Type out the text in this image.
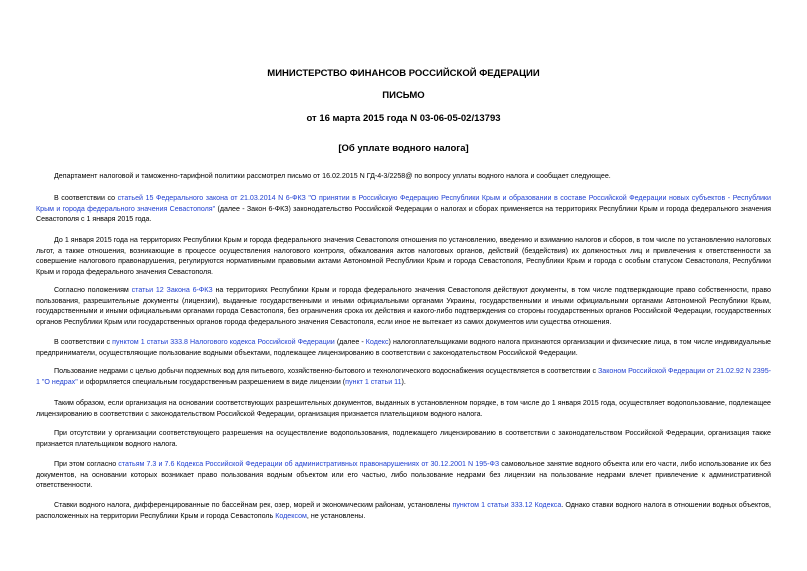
МИНИСТЕРСТВО ФИНАНСОВ РОССИЙСКОЙ ФЕДЕРАЦИИ
ПИСЬМО
от 16 марта 2015 года N 03-06-05-02/13793
[Об уплате водного налога]

Департамент налоговой и таможенно-тарифной политики рассмотрел письмо от 16.02.2015 N ГД-4-3/2258@ по вопросу уплаты водного налога и сообщает следующее.

В соответствии со статьей 15 Федерального закона от 21.03.2014 N 6-ФКЗ "О принятии в Российскую Федерацию Республики Крым и образовании в составе Российской Федерации новых субъектов - Республики Крым и города федерального значения Севастополя" (далее - Закон 6-ФКЗ) законодательство Российской Федерации о налогах и сборах применяется на территориях Республики Крым и города федерального значения Севастополя с 1 января 2015 года.

До 1 января 2015 года на территориях Республики Крым и города федерального значения Севастополя отношения по установлению, введению и взиманию налогов и сборов, в том числе по установлению налоговых льгот, а также отношения, возникающие в процессе осуществления налогового контроля, обжалования актов налоговых органов, действий (бездействия) их должностных лиц и привлечения к ответственности за совершение налогового правонарушения, регулируются нормативными правовыми актами Автономной Республики Крым и города Севастополя, Республики Крым и города с особым статусом Севастополя, Республики Крым и города федерального значения Севастополя.

Согласно положениям статьи 12 Закона 6-ФКЗ на территориях Республики Крым и города федерального значения Севастополя действуют документы, в том числе подтверждающие право собственности, право пользования, разрешительные документы (лицензии), выданные государственными и иными официальными органами Украины, государственными и иными официальными органами Автономной Республики Крым, государственными и иными официальными органами города Севастополя, без ограничения срока их действия и какого-либо подтверждения со стороны государственных органов Российской Федерации, государственных органов Республики Крым или государственных органов города федерального значения Севастополя, если иное не вытекает из самих документов или существа отношения.

В соответствии с пунктом 1 статьи 333.8 Налогового кодекса Российской Федерации (далее - Кодекс) налогоплательщиками водного налога признаются организации и физические лица, в том числе индивидуальные предприниматели, осуществляющие пользование водными объектами, подлежащее лицензированию в соответствии с законодательством Российской Федерации.

Пользование недрами с целью добычи подземных вод для питьевого, хозяйственно-бытового и технологического водоснабжения осуществляется в соответствии с Законом Российской Федерации от 21.02.92 N 2395-1 "О недрах" и оформляется специальным государственным разрешением в виде лицензии (пункт 1 статьи 11).

Таким образом, если организация на основании соответствующих разрешительных документов, выданных в установленном порядке, в том числе до 1 января 2015 года, осуществляет водопользование, подлежащее лицензированию в соответствии с законодательством Российской Федерации, организация признается плательщиком водного налога.

При отсутствии у организации соответствующего разрешения на осуществление водопользования, подлежащего лицензированию в соответствии с законодательством Российской Федерации, организация также признается плательщиком водного налога.

При этом согласно статьям 7.3 и 7.6 Кодекса Российской Федерации об административных правонарушениях от 30.12.2001 N 195-ФЗ самовольное занятие водного объекта или его части, либо использование их без документов, на основании которых возникает право пользования водным объектом или его частью, либо пользование недрами без лицензии на пользование недрами влечет привлечение к административной ответственности.

Ставки водного налога, дифференцированные по бассейнам рек, озер, морей и экономическим районам, установлены пунктом 1 статьи 333.12 Кодекса. Однако ставки водного налога в отношении водных объектов, расположенных на территории Республики Крым и города Севастополь Кодексом, не установлены.
